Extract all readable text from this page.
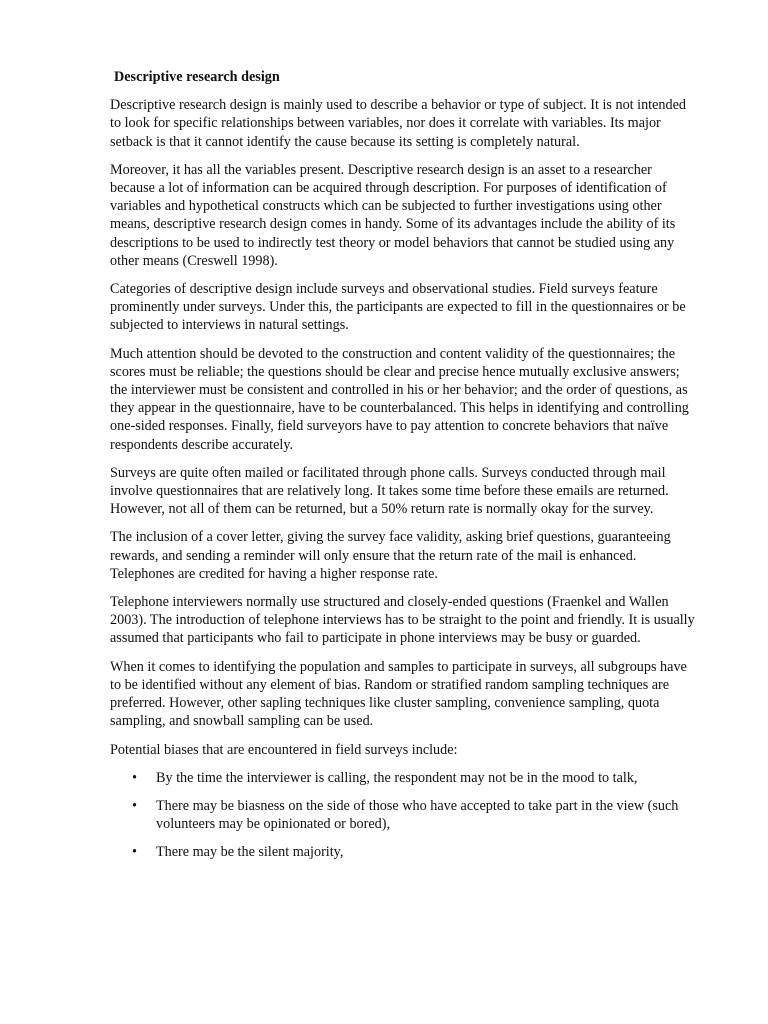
Descriptive research design

Descriptive research design is mainly used to describe a behavior or type of subject. It is not intended to look for specific relationships between variables, nor does it correlate with variables. Its major setback is that it cannot identify the cause because its setting is completely natural.

Moreover, it has all the variables present. Descriptive research design is an asset to a researcher because a lot of information can be acquired through description. For purposes of identification of variables and hypothetical constructs which can be subjected to further investigations using other means, descriptive research design comes in handy. Some of its advantages include the ability of its descriptions to be used to indirectly test theory or model behaviors that cannot be studied using any other means (Creswell 1998).

Categories of descriptive design include surveys and observational studies. Field surveys feature prominently under surveys. Under this, the participants are expected to fill in the questionnaires or be subjected to interviews in natural settings.

Much attention should be devoted to the construction and content validity of the questionnaires; the scores must be reliable; the questions should be clear and precise hence mutually exclusive answers; the interviewer must be consistent and controlled in his or her behavior; and the order of questions, as they appear in the questionnaire, have to be counterbalanced. This helps in identifying and controlling one-sided responses. Finally, field surveyors have to pay attention to concrete behaviors that naïve respondents describe accurately.

Surveys are quite often mailed or facilitated through phone calls. Surveys conducted through mail involve questionnaires that are relatively long. It takes some time before these emails are returned. However, not all of them can be returned, but a 50% return rate is normally okay for the survey.

The inclusion of a cover letter, giving the survey face validity, asking brief questions, guaranteeing rewards, and sending a reminder will only ensure that the return rate of the mail is enhanced. Telephones are credited for having a higher response rate.

Telephone interviewers normally use structured and closely-ended questions (Fraenkel and Wallen 2003). The introduction of telephone interviews has to be straight to the point and friendly. It is usually assumed that participants who fail to participate in phone interviews may be busy or guarded.

When it comes to identifying the population and samples to participate in surveys, all subgroups have to be identified without any element of bias. Random or stratified random sampling techniques are preferred. However, other sapling techniques like cluster sampling, convenience sampling, quota sampling, and snowball sampling can be used.

Potential biases that are encountered in field surveys include:

• By the time the interviewer is calling, the respondent may not be in the mood to talk,
• There may be biasness on the side of those who have accepted to take part in the view (such volunteers may be opinionated or bored),
• There may be the silent majority,
